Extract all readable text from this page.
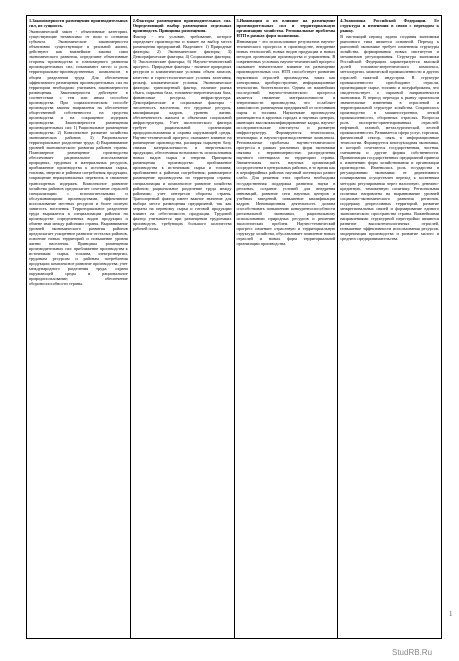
1.Закономерности размещения производительных сил, их сущность.

Экономический закон - объективные категории, существующие независимо от воли и сознания субъекта. Экономические закономерности объективно существующие в реальной жизни, действуют как важнейшие законы сами экономического развития, определяют объективные стороны производства и планомерного развития производительных сил, показывают место и роль территориально-производственных комплексов в общем разделении труда. Для обеспечения эффективного размещения производительных сил на территории необходимо учитывать закономерности размещения. Закономерности действуют в соответствии с тем или иным способом производства. При социалистическом способе производства законы направлены на обеспечение общественной собственности на средства производства и на сокращение издержек производства. Закономерности размещения производительных сил: 1) Рациональное размещение производства; 2) Комплексное развитие хозяйства экономических районов; 3) Рациональное территориальное разделение труда; 4) Выравнивание уровней экономического развития районов страны. Планомерное размещение производства обеспечивает рациональное использование природных, трудовых и материальных ресурсов, приближение производства к источникам сырья, топлива, энергии и районам потребления продукции, сокращение нерациональных перевозок и снижение транспортных издержек. Комплексное развитие хозяйства районов предполагает сочетание отраслей специализации с вспомогательными и обслуживающими производствами, эффективное использование местных ресурсов и более полную занятость населения. Территориальное разделение труда выражается в специализации районов на производстве определенных видов продукции и обмене ими между районами страны. Выравнивание уровней экономического развития районов предполагает ускоренное развитие отсталых районов, освоение новых территорий и повышение уровня жизни населения. Принципы размещения производительных сил: приближение производства к источникам сырья, топлива, электроэнергии, трудовым ресурсам и районам потребления продукции; комплексное развитие производства; учет международного разделения труда; охрана окружающей среды и рациональное природопользование; обеспечение обороноспособности страны.

2.Факторы размещения производительных сил. Определяющий выбор размещения отдельных производств. Принципы размещения.

Фактор - это условие, требование, которое определяет производство и влияет на выбор места размещения предприятий. Выделяют: 1) Природные факторы; 2) Экономические факторы; 3) Демографические факторы; 4) Социальные факторы; 5) Экологические факторы; 6) Научно-технический прогресс. Природные факторы - наличие природных ресурсов и климатические условия: объем запасов, качество и горно-геологические условия залегания, рельеф, климатические условия. Экономические факторы: транспортный фактор, наличие рынка сбыта, сырьевая база, топливно-энергетическая база, финансовые ресурсы, инфраструктура. Демографические и социальные факторы - численность населения, его трудовые ресурсы, квалификация кадров, уровень жизни, обеспеченность жильем и объектами социальной инфраструктуры. Учет экологического фактора требует рациональной организации природопользования и охраны окружающей среды. Научно-технический прогресс оказывает влияние на размещение производства, расширяя сырьевую базу, снижая материалоемкость и энергоемкость продукции, обеспечивая возможность использования новых видов сырья и энергии. Принципы размещения производства: приближение производства к источникам сырья и топлива; приближение к районам потребления; равномерное размещение производства по территории страны; специализация и комплексное развитие хозяйства районов; рациональное разделение труда между районами; учет интересов обороны страны. Транспортный фактор имеет важное значение для выбора места размещения предприятий, так как затраты на перевозку сырья и готовой продукции влияют на себестоимость продукции. Трудовой фактор учитывается при размещении трудоемких производств, требующих большого количества рабочей силы.

3.Инновации и их влияние на размещение производительных сил и территориальную организацию хозяйства. Региональные проблемы НТП в рамках форм экономики.

Инновации - это использование результатов научно-технического прогресса в производстве, внедрение новых технологий, новых видов продукции и новых методов организации производства и управления. В современных условиях научно-технический прогресс оказывает значительное влияние на размещение производительных сил. НТП способствует развитию наукоемких отраслей производства, таких как электроника, приборостроение, информационные технологии, биотехнологии. Одним из важнейших последствий научно-технического прогресса является снижение материалоемкости и энергоемкости производства, что ослабляет зависимость размещения предприятий от источников сырья и топлива. Наукоемкие производства размещаются в крупных городах и научных центрах, имеющих высококвалифицированные кадры, научно-исследовательские институты и развитую инфраструктуру. Формируются технополисы, технопарки и научно-производственные комплексы. Региональные проблемы научно-технического прогресса в рамках различных форм экономики связаны с неравномерностью распределения научного потенциала по территории страны. Значительная часть научных организаций сосредоточена в центральных районах, в то время как в периферийных районах научный потенциал развит слабо. Для решения этих проблем необходима государственная поддержка развития науки в регионах, создание условий для внедрения инноваций, развитие сети научных центров и учебных заведений, повышение квалификации кадров. Инновационная деятельность должна способствовать повышению конкурентоспособности региональной экономики, рациональному использованию природных ресурсов и решению экологических проблем. Научно-технический прогресс изменяет отраслевую и территориальную структуру хозяйства, обуславливает появление новых отраслей и новых форм территориальной организации производства.

4.Экономика Российской Федерации. Ее структура и изменения в связи с переходом к рынку.

В настоящий период задача создания экономики рыночного типа является основной. Переход к рыночной экономике требует изменения структуры хозяйства, формирования новых институтов и механизмов регулирования. Структура экономики Российской Федерации характеризуется высокой долей топливно-энергетического комплекса, металлургии, химической промышленности и других отраслей тяжелой индустрии. В структуре промышленности преобладают отрасли, производящие сырье, топливо и полуфабрикаты, что свидетельствует о сырьевой направленности экономики. В период перехода к рынку произошли значительные изменения в отраслевой и территориальной структуре хозяйства. Сократилось производство в машиностроении, легкой промышленности, оборонных отраслях. Возросла роль экспортно-ориентированных отраслей: нефтяной, газовой, металлургической, лесной промышленности. Развивается сфера услуг, торговля, финансовый сектор, связь и информационные технологии. Формируется многоукладная экономика, в которой сочетаются государственная, частная, смешанная и другие формы собственности. Приватизация государственных предприятий привела к изменению форм хозяйствования и организации производства. Изменилась роль государства в регулировании экономики: от директивного планирования осуществлен переход к косвенным методам регулирования через налоговую, денежно-кредитную, таможенную политику. Региональная политика направлена на выравнивание уровней социально-экономического развития регионов, поддержку депрессивных территорий, развитие межрегиональных связей и формирование единого экономического пространства страны. Важнейшими направлениями структурной перестройки являются развитие высокотехнологичных отраслей, повышение эффективности использования ресурсов, модернизация производства и развитие малого и среднего предпринимательства.

1
StudRB.Ru
